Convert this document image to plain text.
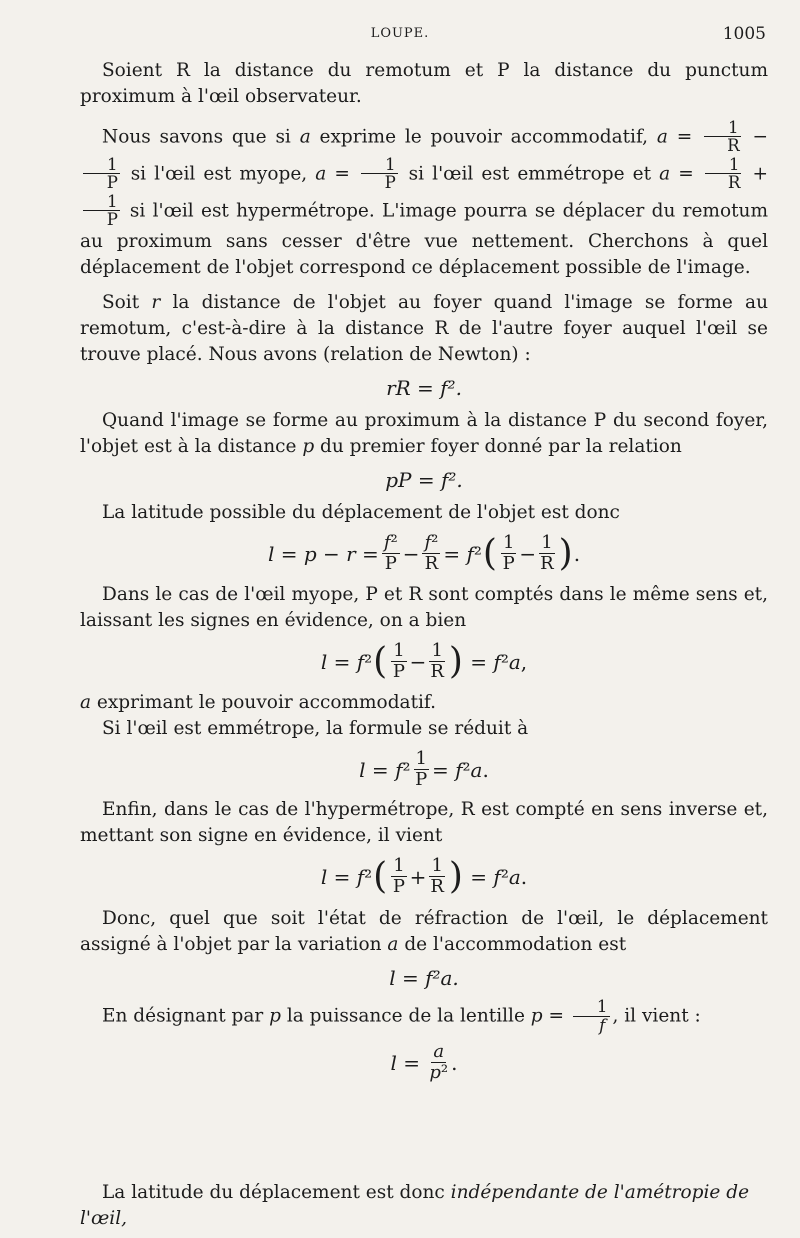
LOUPE.	1005

Soient R la distance du remotum et P la distance du punctum proximum à l'œil observateur.

Nous savons que si a exprime le pouvoir accommodatif, $a = \frac{1}{R}$ −
$\frac{1}{P}$ si l'œil est myope, $a = \frac{1}{P}$ si l'œil est emmétrope et $a = \frac{1}{R}$ +
$\frac{1}{P}$ si l'œil est hypermétrope. L'image pourra se déplacer du remotum au proximum sans cesser d'être vue nettement. Cherchons à quel déplacement de l'objet correspond ce déplacement possible de l'image.

Soit r la distance de l'objet au foyer quand l'image se forme au remotum, c'est-à-dire à la distance R de l'autre foyer auquel l'œil se trouve placé. Nous avons (relation de Newton) :

rR = f².

Quand l'image se forme au proximum à la distance P du second foyer, l'objet est à la distance p du premier foyer donné par la relation

pP = f².

La latitude possible du déplacement de l'objet est donc

$l = p - r = \frac{\text{f²}}{P} - \frac{\text{f²}}{R} = f$ ² ( $\frac{1}{P} - \frac{1}{R}$ ) .

Dans le cas de l'œil myope, P et R sont comptés dans le même sens et, laissant les signes en évidence, on a bien

l = f ² ( $\frac{1}{P} - \frac{1}{R}$ ) = f ² a ,

a exprimant le pouvoir accommodatif.

Si l'œil est emmétrope, la formule se réduit à

l = f $^2 \frac{1}{P} = f$ ² a .

Enfin, dans le cas de l'hypermétrope, R est compté en sens inverse et, mettant son signe en évidence, il vient

l = f ² ( $\frac{1}{P} + \frac{1}{R}$ ) = f ² a .

Donc, quel que soit l'état de réfraction de l'œil, le déplacement assigné à l'objet par la variation a de l'accommodation est

l = f²a.

En désignant par p la puissance de la lentille $p = \frac{1}{f}$ , il vient :

$l = \frac{a}{\text{p²}}$ .
La latitude du déplacement est donc indépendante de l'amétropie de l'œil,
